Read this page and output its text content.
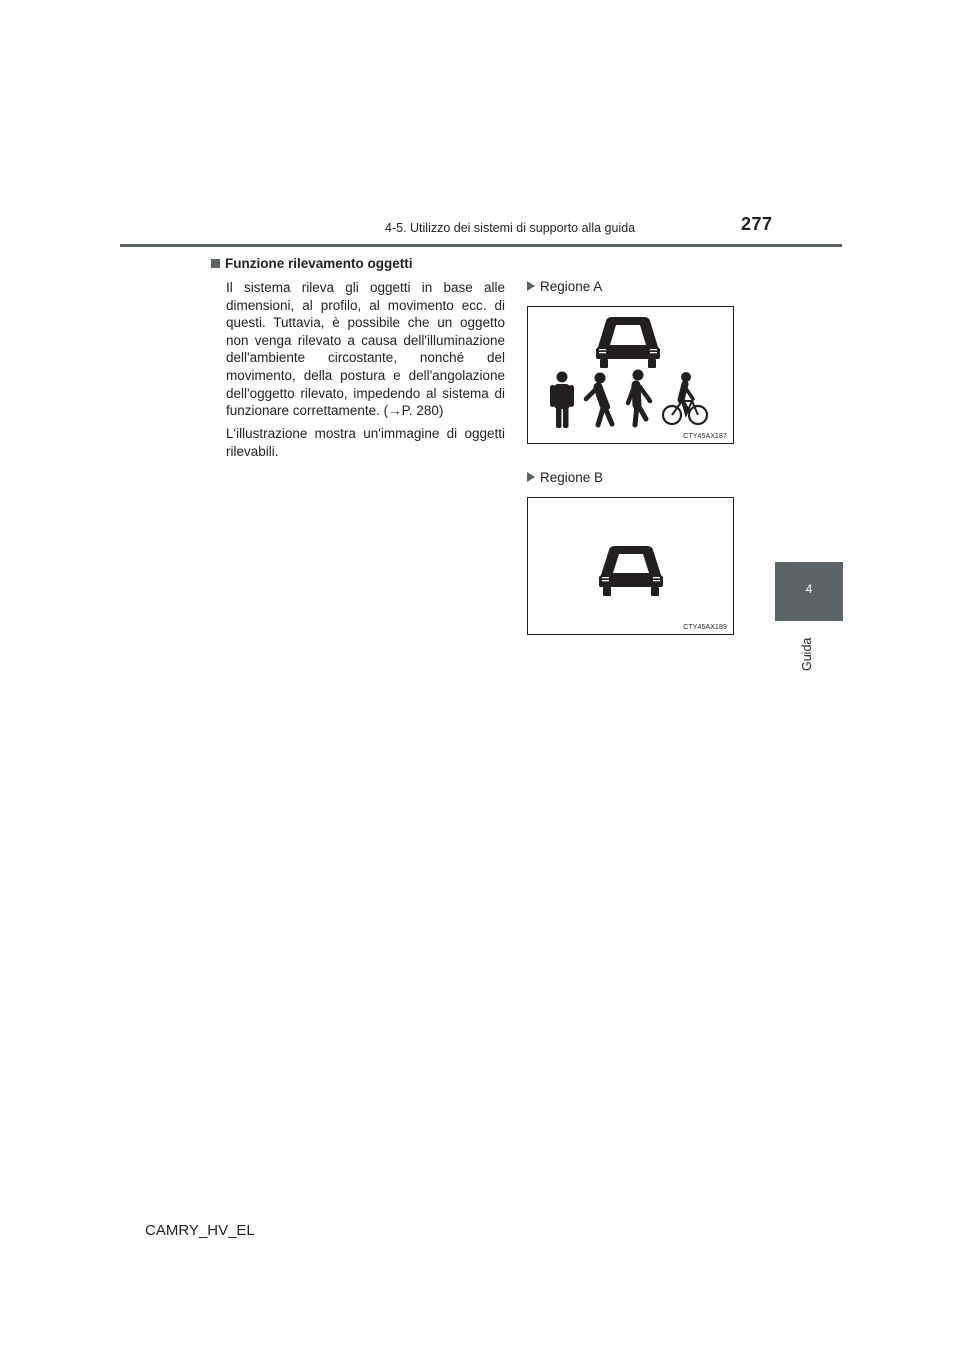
4-5. Utilizzo dei sistemi di supporto alla guida	277
4
Guida
Funzione rilevamento oggetti
Il sistema rileva gli oggetti in base alle dimensioni, al profilo, al movimento ecc. di questi. Tuttavia, è possibile che un oggetto non venga rilevato a causa dell'illuminazione dell'ambiente circostante, nonché del movimento, della postura e dell'angolazione dell'oggetto rilevato, impedendo al sistema di funzionare correttamente. (→P. 280)
L'illustrazione mostra un'immagine di oggetti rilevabili.
Regione A
CTY45AX187
Regione B
CTY45AX189
CAMRY_HV_EL
